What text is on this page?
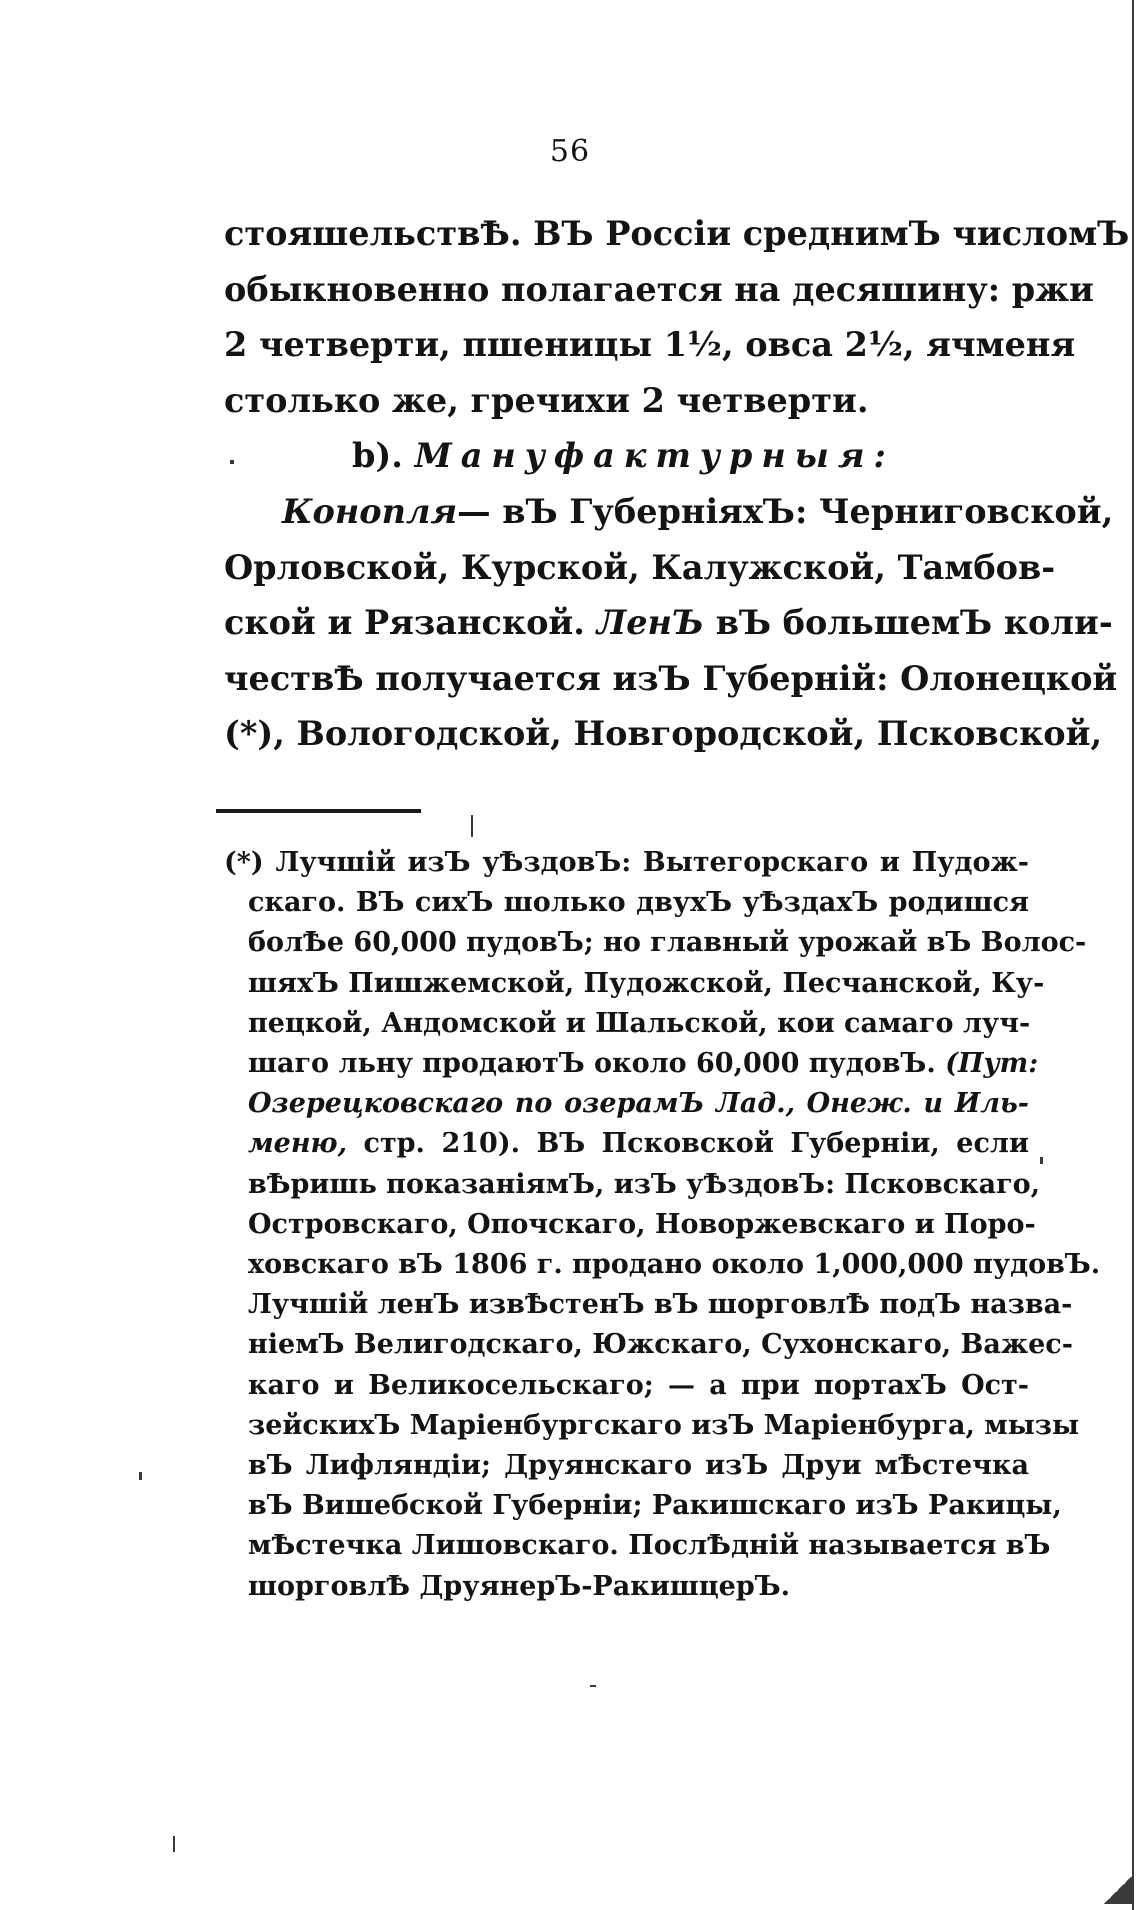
56
стояшельствѢ. ВЪ Россіи среднимЪ числомЪ
обыкновенно полагается на десяшину: ржи
2 четверти, пшеницы 1½, овса 2½, ячменя
столько же, гречихи 2 четверти.
b). Мануфактурныя:
Конопля— вЪ ГуберніяхЪ: Черниговской,
Орловской, Курской, Калужской, Тамбов-
ской и Рязанской. ЛенЪ вЪ большемЪ коли-
чествѢ получается изЪ Губерній: Олонецкой
(*), Вологодской, Новгородской, Псковской,
(*) Лучшій изЪ уѢздовЪ: Вытегорскаго и Пудож-
скаго. ВЪ сихЪ шолько двухЪ уѢздахЪ родишся
болѢе 60,000 пудовЪ; но главный урожай вЪ Волос-
шяхЪ Пишжемской, Пудожской, Песчанской, Ку-
пецкой, Андомской и Шальской, кои самаго луч-
шаго льну продаютЪ около 60,000 пудовЪ. (Пут:
Озерецковскаго по озерамЪ Лад., Онеж. и Иль-
меню, стр. 210). ВЪ Псковской Губерніи, если
вѢришь показаніямЪ, изЪ уѢздовЪ: Псковскаго,
Островскаго, Опочскаго, Новоржевскаго и Поро-
ховскаго вЪ 1806 г. продано около 1,000,000 пудовЪ.
Лучшій ленЪ извѢстенЪ вЪ шорговлѢ подЪ назва-
ніемЪ Велигодскаго, Южскаго, Сухонскаго, Важес-
каго и Великосельскаго; — а при портахЪ Ост-
зейскихЪ Маріенбургскаго изЪ Маріенбурга, мызы
вЪ Лифляндіи; Друянскаго изЪ Друи мѢстечка
вЪ Вишебской Губерніи; Ракишскаго изЪ Ракицы,
мѢстечка Лишовскаго. ПослѢдній называется вЪ
шорговлѢ ДруянерЪ-РакишцерЪ.
